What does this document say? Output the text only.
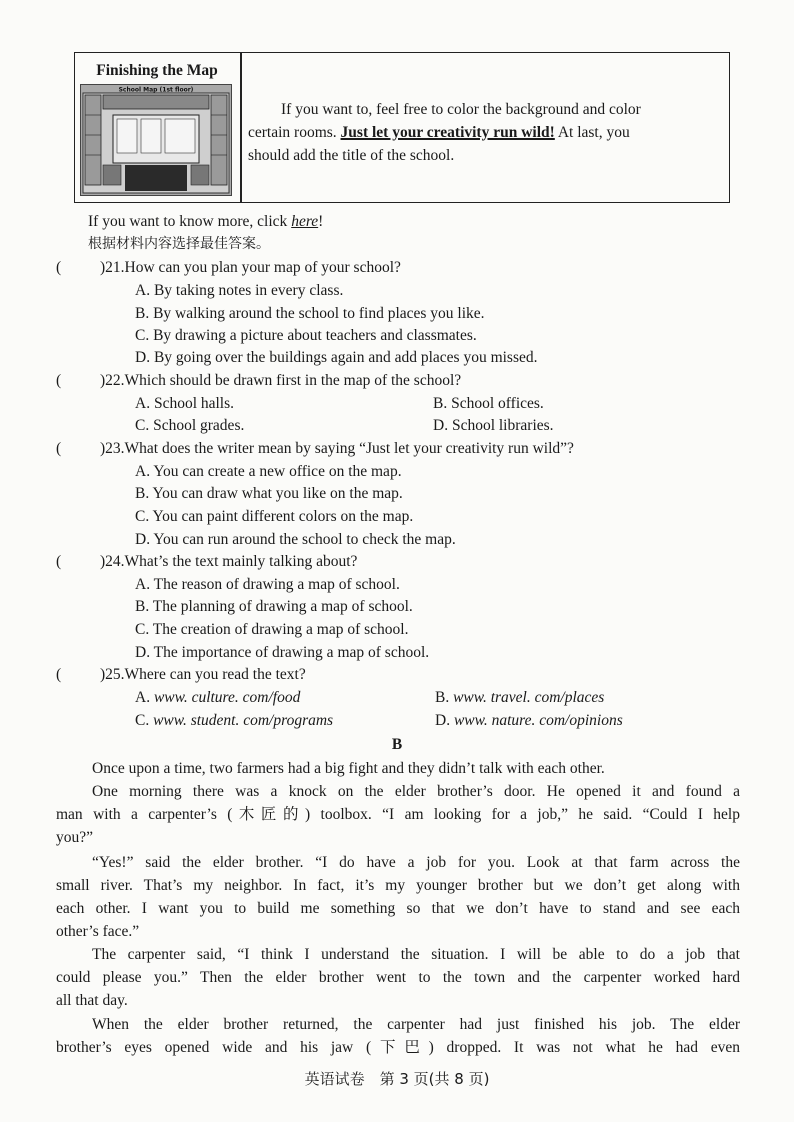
Finishing the Map
School Map (1st floor)
If you want to, feel free to color the background and color
certain rooms. Just let your creativity run wild! At last, you
should add the title of the school.
If you want to know more, click here!
根据材料内容选择最佳答案。
(	)21.How can you plan your map of your school?
A. By taking notes in every class.
B. By walking around the school to find places you like.
C. By drawing a picture about teachers and classmates.
D. By going over the buildings again and add places you missed.
(	)22.Which should be drawn first in the map of the school?
A. School halls.	B. School offices.
C. School grades.	D. School libraries.
(	)23.What does the writer mean by saying “Just let your creativity run wild”?
A. You can create a new office on the map.
B. You can draw what you like on the map.
C. You can paint different colors on the map.
D. You can run around the school to check the map.
(	)24.What’s the text mainly talking about?
A. The reason of drawing a map of school.
B. The planning of drawing a map of school.
C. The creation of drawing a map of school.
D. The importance of drawing a map of school.
(	)25.Where can you read the text?
A. www. culture. com/food	B. www. travel. com/places
C. www. student. com/programs	D. www. nature. com/opinions
B
Once upon a time, two farmers had a big fight and they didn’t talk with each other.
One morning there was a knock on the elder brother’s door. He opened it and found a
man with a carpenter’s (木匠的) toolbox. “I am looking for a job,” he said. “Could I help
you?”
“Yes!” said the elder brother. “I do have a job for you. Look at that farm across the
small river. That’s my neighbor. In fact, it’s my younger brother but we don’t get along with
each other. I want you to build me something so that we don’t have to stand and see each
other’s face.”
The carpenter said, “I think I understand the situation. I will be able to do a job that
could please you.” Then the elder brother went to the town and the carpenter worked hard
all that day.
When the elder brother returned, the carpenter had just finished his job. The elder
brother’s eyes opened wide and his jaw (下巴) dropped. It was not what he had even
英语试卷　第 3 页(共 8 页)
